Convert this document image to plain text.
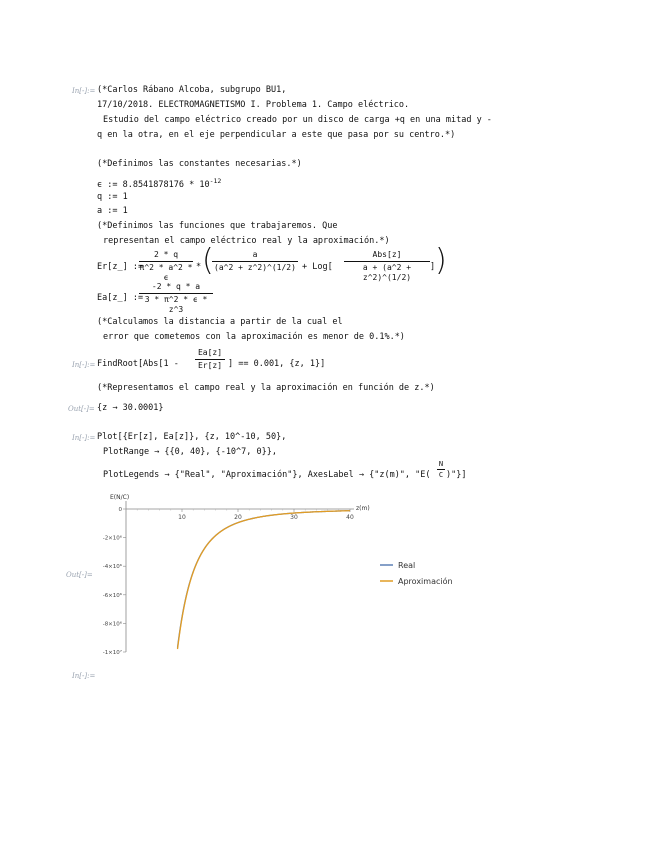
In[-]:= (*Carlos Rábano Alcoba, subgrupo BU1,
17/10/2018. ELECTROMAGNETISMO I. Problema 1. Campo eléctrico.
Estudio del campo eléctrico creado por un disco de carga +q en una mitad y -
q en la otra, en el eje perpendicular a este que pasa por su centro.*)
(*Definimos las constantes necesarias.*)
ϵ := $8.8541878176 * 10^{-12}$
q := 1
a := 1
(*Definimos las funciones que trabajaremos. Que
representan el campo eléctrico real y la aproximación.*)
Er[z_] :=
2 * q
π^2 * a^2 * ϵ
* (	a
(a^2 + z^2)^(1/2) + Log[
Abs[z]
a + (a^2 + z^2)^(1/2)
] )
Ea[z_] :=
-2 * q * a
3 * π^2 * ϵ * z^3
(*Calculamos la distancia a partir de la cual el
error que cometemos con la aproximación es menor de 0.1%.*)
In[-]:= FindRoot[Abs[1 -
Ea[z]
Er[z] ] == 0.001, {z, 1}]
(*Representamos el campo real y la aproximación en función de z.*)
Out[-]= {z → 30.0001}
In[-]:= Plot[{Er[z], Ea[z]}, {z, 10^-10, 50},
PlotRange → {{0, 40}, {-10^7, 0}},
PlotLegends → {"Real", "Aproximación"}, AxesLabel → {"z(m)", "E(
N
C )"}]
Out[-]=
z(m)
E(N/C)
10	20	30	40
0
-2×10⁶
-4×10⁶
-6×10⁶
-8×10⁶
-1×10⁷
Real
Aproximación
In[-]:=
